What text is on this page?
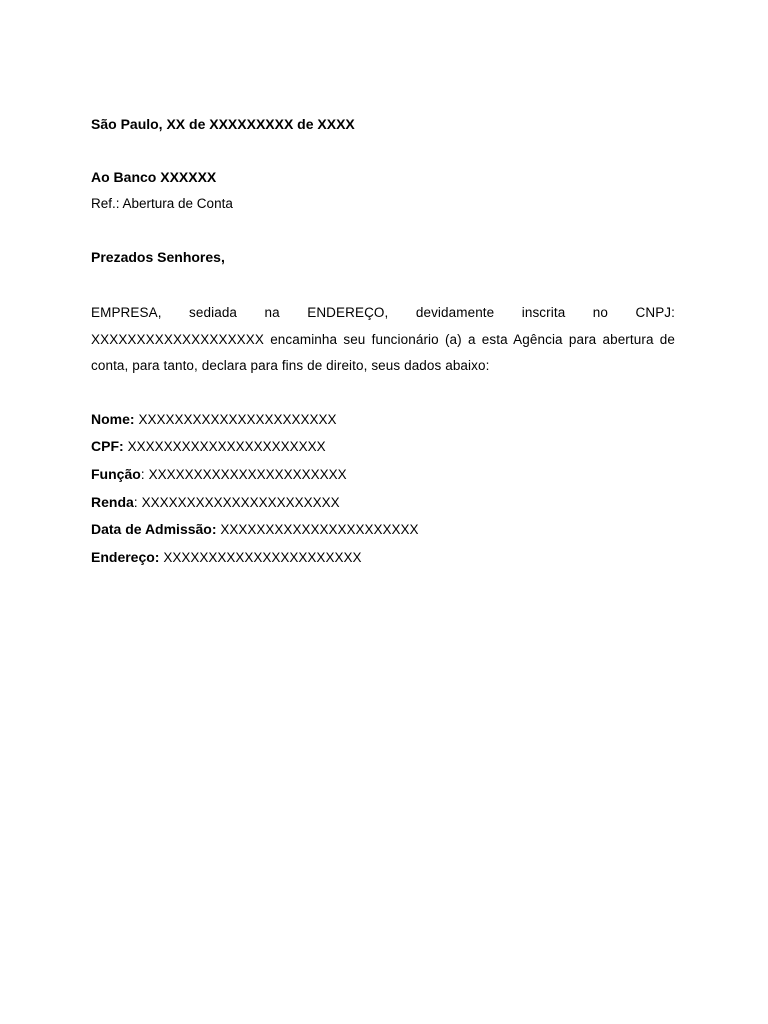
São Paulo, XX de XXXXXXXXX de XXXX

Ao Banco XXXXXX

Ref.: Abertura de Conta

Prezados Senhores,

EMPRESA, sediada na ENDEREÇO, devidamente inscrita no CNPJ: XXXXXXXXXXXXXXXXXXX encaminha seu funcionário (a) a esta Agência para abertura de conta, para tanto, declara para fins de direito, seus dados abaixo:

Nome: XXXXXXXXXXXXXXXXXXXXXX
CPF: XXXXXXXXXXXXXXXXXXXXXX
Função: XXXXXXXXXXXXXXXXXXXXXX
Renda: XXXXXXXXXXXXXXXXXXXXXX
Data de Admissão: XXXXXXXXXXXXXXXXXXXXXX
Endereço: XXXXXXXXXXXXXXXXXXXXXX
